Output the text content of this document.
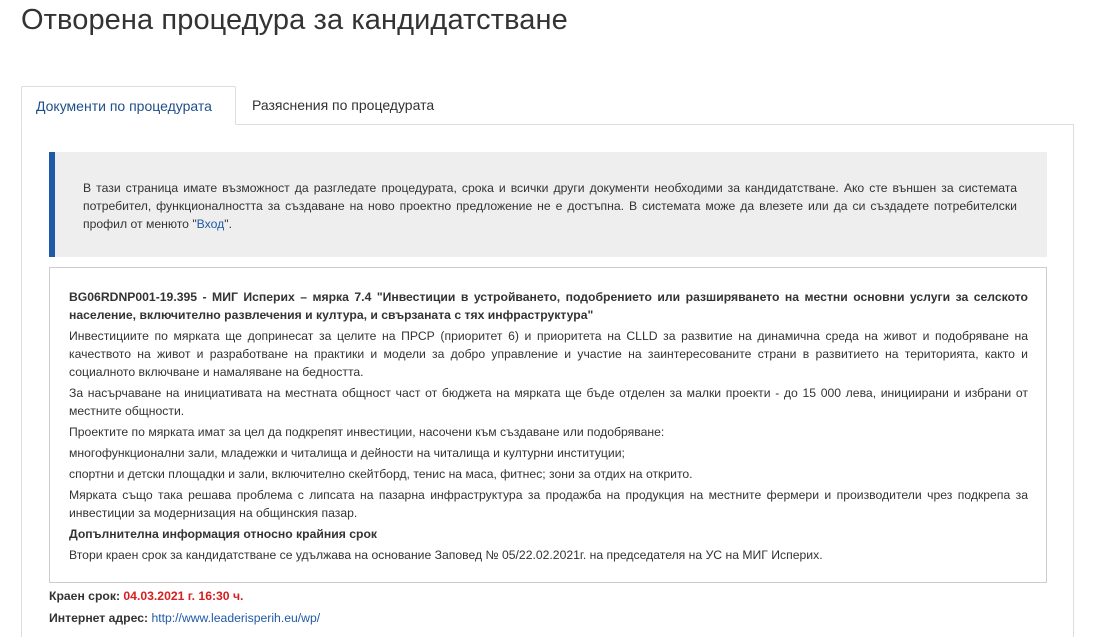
Отворена процедура за кандидатстване
Документи по процедурата	Разяснения по процедурата
В тази страница имате възможност да разгледате процедурата, срока и всички други документи необходими за кандидатстване. Ако сте външен за системата потребител, функционалността за създаване на ново проектно предложение не е достъпна. В системата може да влезете или да си създадете потребителски профил от менюто "Вход".

BG06RDNP001-19.395 - МИГ Исперих – мярка 7.4 "Инвестиции в устройването, подобрението или разширяването на местни основни услуги за селското население, включително развлечения и култура, и свързаната с тях инфраструктура"

Инвестициите по мярката ще допринесат за целите на ПРСР (приоритет 6) и приоритета на CLLD за развитие на динамична среда на живот и подобряване на качеството на живот и разработване на практики и модели за добро управление и участие на заинтересованите страни в развитието на територията, както и социалното включване и намаляване на бедността.

За насърчаване на инициативата на местната общност част от бюджета на мярката ще бъде отделен за малки проекти - до 15 000 лева, инициирани и избрани от местните общности.

Проектите по мярката имат за цел да подкрепят инвестиции, насочени към създаване или подобряване:

многофункционални зали, младежки и читалища и дейности на читалища и културни институции;

спортни и детски площадки и зали, включително скейтборд, тенис на маса, фитнес; зони за отдих на открито.

Мярката също така решава проблема с липсата на пазарна инфраструктура за продажба на продукция на местните фермери и производители чрез подкрепа за инвестиции за модернизация на общинския пазар.

Допълнителна информация относно крайния срок

Втори краен срок за кандидатстване се удължава на основание Заповед № 05/22.02.2021г. на председателя на УС на МИГ Исперих.

Краен срок: 04.03.2021 г. 16:30 ч.
Интернет адрес: http://www.leaderisperih.eu/wp/
